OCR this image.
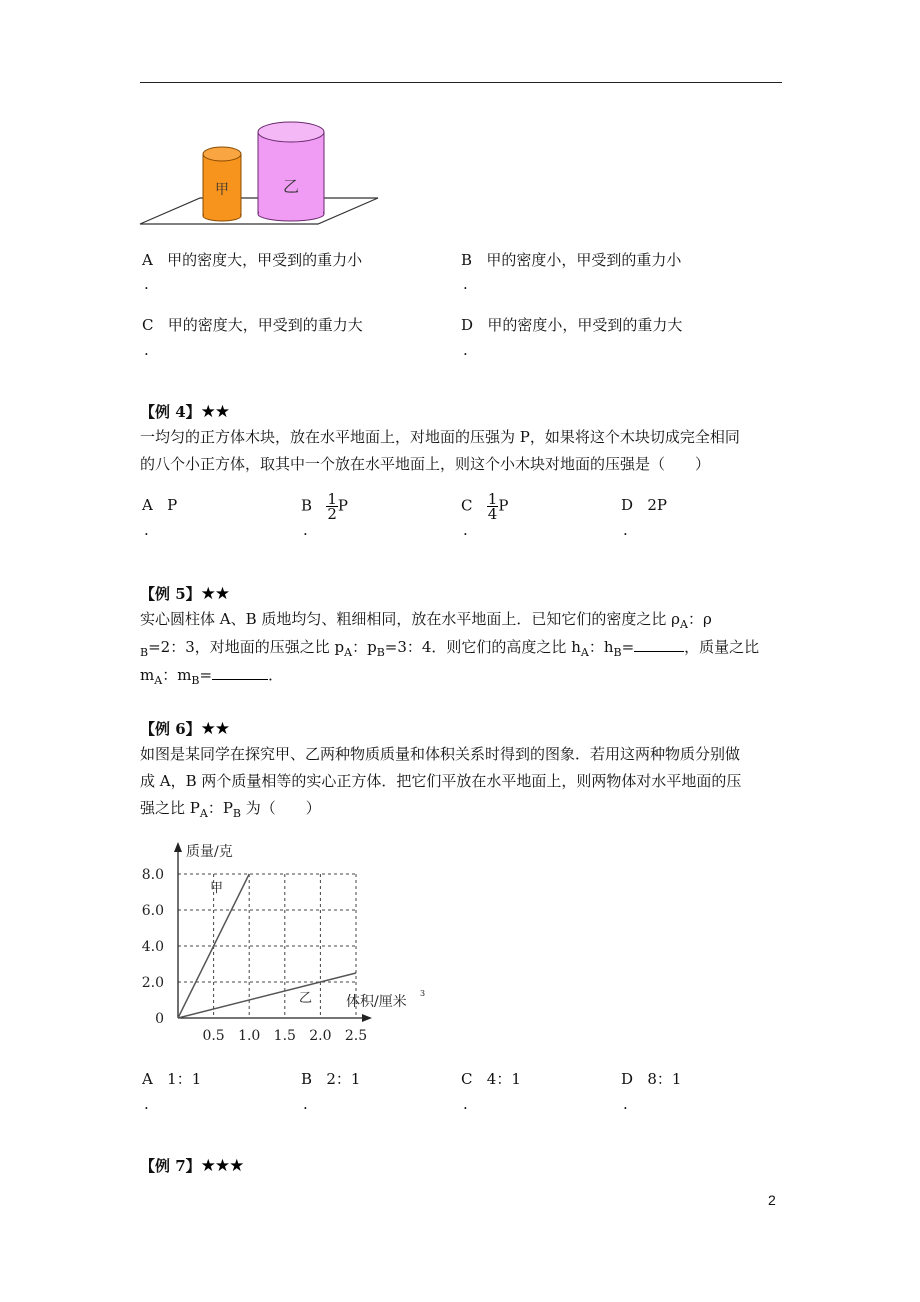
甲	乙
A 甲的密度大，甲受到的重力小
.
B 甲的密度小，甲受到的重力小
.
C 甲的密度大，甲受到的重力大
.
D 甲的密度小，甲受到的重力大
.
【例 4】★★
一均匀的正方体木块，放在水平地面上，对地面的压强为 P，如果将这个木块切成完全相同
的八个小正方体，取其中一个放在水平地面上，则这个小木块对地面的压强是（　　）
A   P
.
B $\frac{1}{2}$ P
.
C $\frac{1}{4}$ P
.
D   2P
.
【例 5】★★
实心圆柱体 A、B 质地均匀、粗细相同，放在水平地面上．已知它们的密度之比 $\rho_A$：ρ
$_B$=2：3，对地面的压强之比 $p_A$：$p_B=3$：4．则它们的高度之比 $h_A$：$h_B=$	，质量之比
$m_A$：$m_B=$	．
【例 6】★★
如图是某同学在探究甲、乙两种物质质量和体积关系时得到的图象．若用这两种物质分别做
成 A，B 两个质量相等的实心正方体．把它们平放在水平地面上，则两物体对水平地面的压
强之比 $P_A$：$P_B$ 为（　　）
0.5 1.0 1.5 2.0 2.5
8.0
6.0
4.0
2.0
0
质量/克
体积/厘米
3
甲
乙
A 1：1
.
B 2：1
.
C 4：1
.
D 8：1
.
【例 7】★★★
2
